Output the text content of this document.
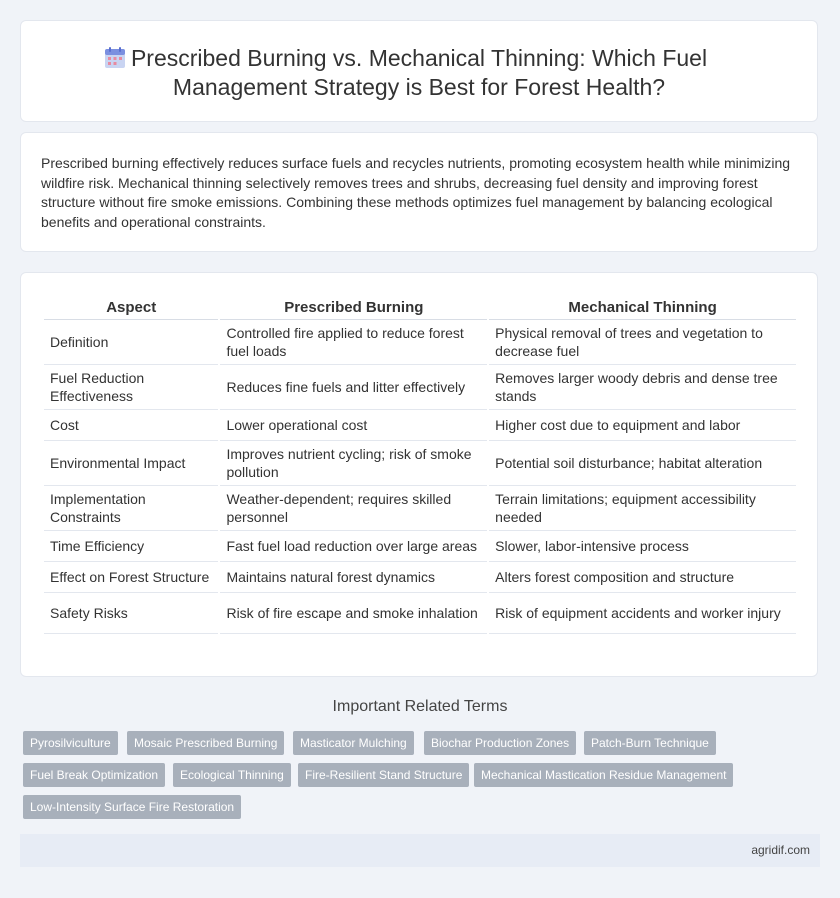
Prescribed Burning vs. Mechanical Thinning: Which Fuel
Management Strategy is Best for Forest Health?
Prescribed burning effectively reduces surface fuels and recycles nutrients, promoting ecosystem health while minimizing wildfire risk. Mechanical thinning selectively removes trees and shrubs, decreasing fuel density and improving forest structure without fire smoke emissions. Combining these methods optimizes fuel management by balancing ecological benefits and operational constraints.
Aspect	Prescribed Burning	Mechanical Thinning
Definition	Controlled fire applied to reduce forest fuel loads	Physical removal of trees and vegetation to decrease fuel
Fuel Reduction Effectiveness	Reduces fine fuels and litter effectively	Removes larger woody debris and dense tree stands
Cost	Lower operational cost	Higher cost due to equipment and labor
Environmental Impact	Improves nutrient cycling; risk of smoke pollution	Potential soil disturbance; habitat alteration
Implementation Constraints	Weather-dependent; requires skilled personnel	Terrain limitations; equipment accessibility needed
Time Efficiency	Fast fuel load reduction over large areas	Slower, labor-intensive process
Effect on Forest Structure	Maintains natural forest dynamics	Alters forest composition and structure
Safety Risks	Risk of fire escape and smoke inhalation	Risk of equipment accidents and worker injury
Important Related Terms
Pyrosilviculture	Mosaic Prescribed Burning	Masticator Mulching	Biochar Production Zones	Patch-Burn Technique
Fuel Break Optimization	Ecological Thinning	Fire-Resilient Stand Structure	Mechanical Mastication Residue Management
Low-Intensity Surface Fire Restoration
agridif.com
